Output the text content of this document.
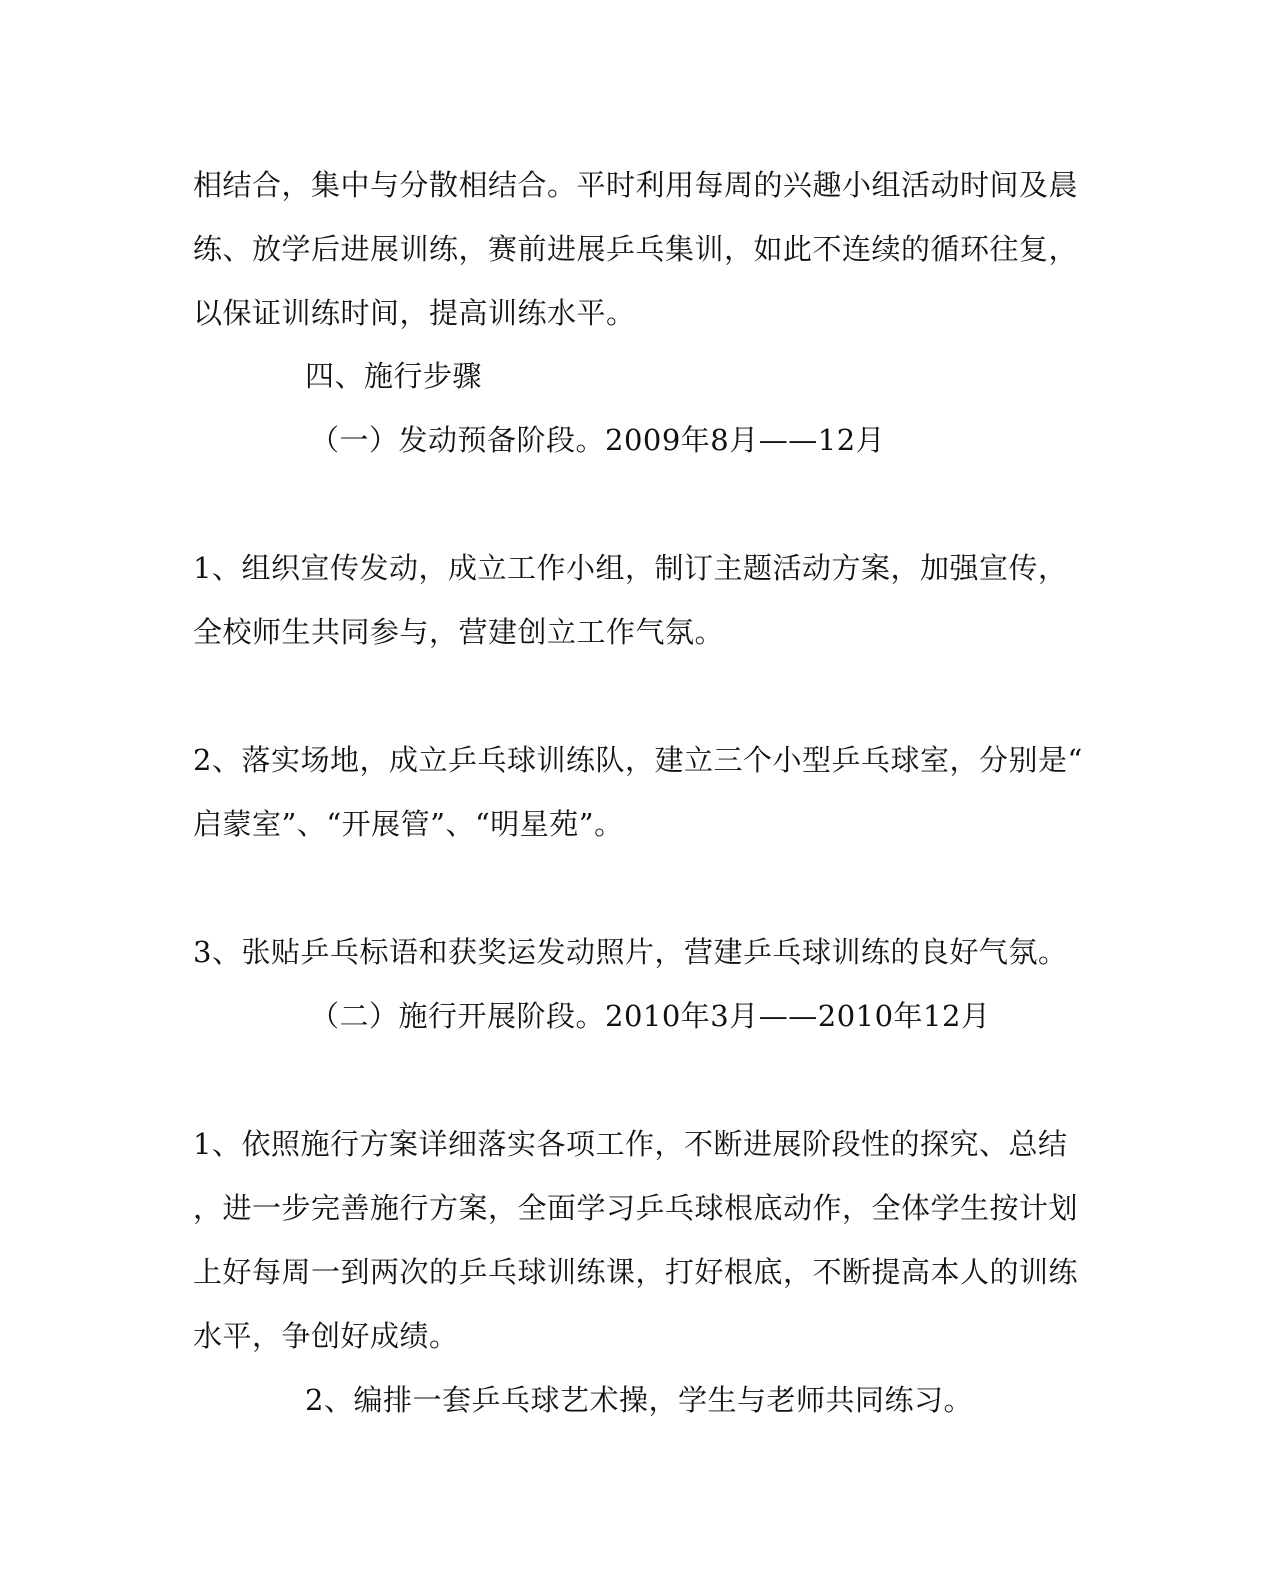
相结合，集中与分散相结合。平时利用每周的兴趣小组活动时间及晨
练、放学后进展训练，赛前进展乒乓集训，如此不连续的循环往复，
以保证训练时间，提高训练水平。
四、施行步骤
（一）发动预备阶段。2009年8月——12月
1、组织宣传发动，成立工作小组，制订主题活动方案，加强宣传，
全校师生共同参与，营建创立工作气氛。
2、落实场地，成立乒乓球训练队，建立三个小型乒乓球室，分别是“
启蒙室”、“开展管”、“明星苑”。
3、张贴乒乓标语和获奖运发动照片，营建乒乓球训练的良好气氛。
（二）施行开展阶段。2010年3月——2010年12月
1、依照施行方案详细落实各项工作，不断进展阶段性的探究、总结
，进一步完善施行方案，全面学习乒乓球根底动作，全体学生按计划
上好每周一到两次的乒乓球训练课，打好根底，不断提高本人的训练
水平，争创好成绩。
2、编排一套乒乓球艺术操，学生与老师共同练习。
